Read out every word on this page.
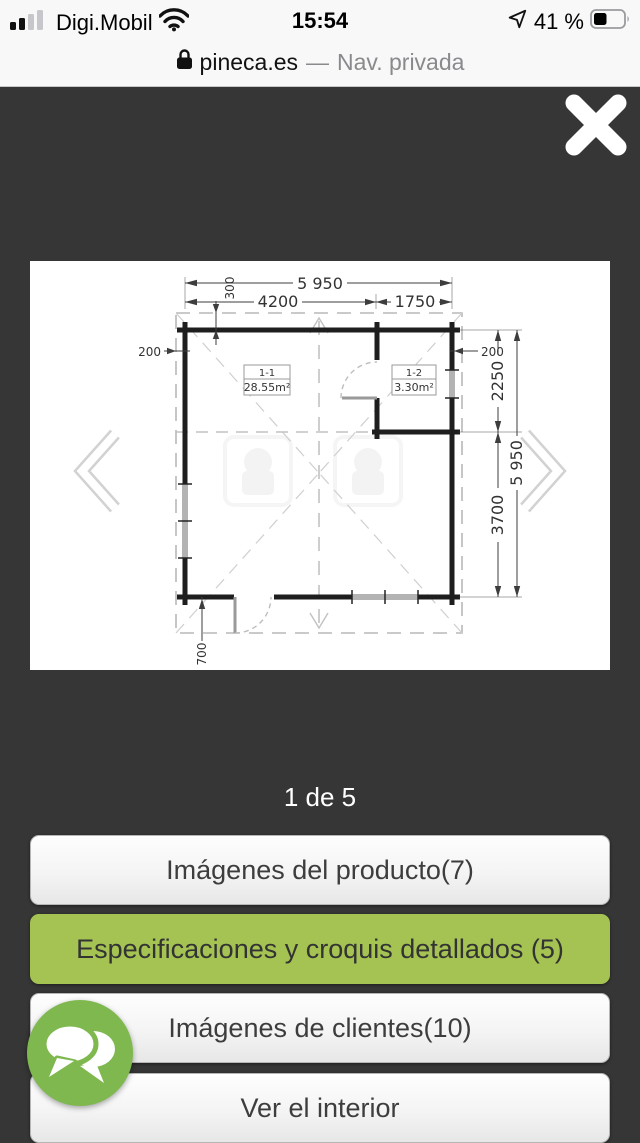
Digi.Mobil	15:54	41 %
pineca.es — Nav. privada
5 950
4200	1750
300
200	200
2250
3700
5 950
700
1-1
28.55m²
1-2
3.30m²
1 de 5
Imágenes del producto(7)
Especificaciones y croquis detallados (5)
Imágenes de clientes(10)
Ver el interior
